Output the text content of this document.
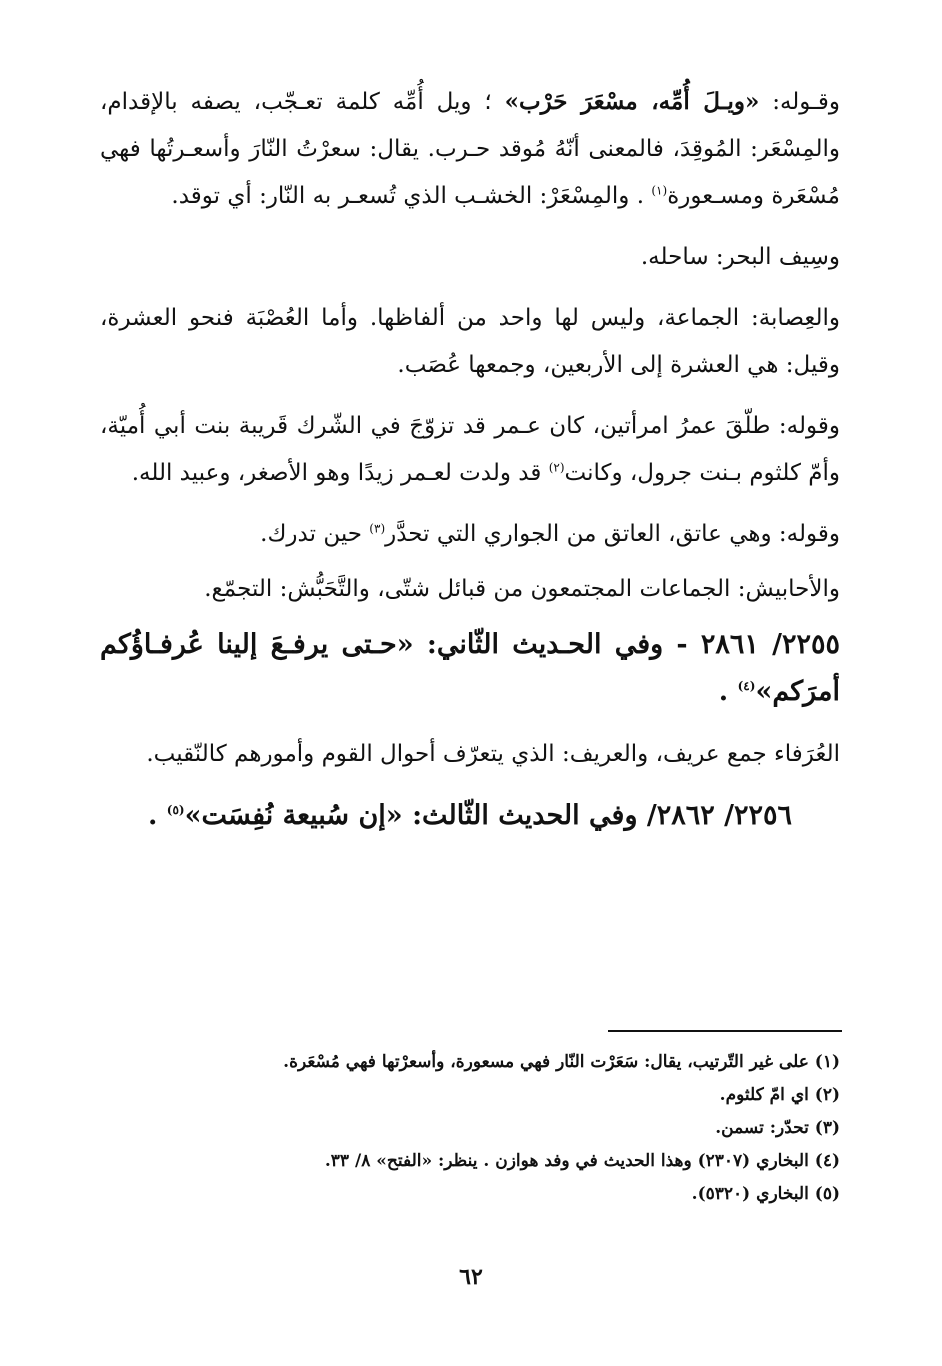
وقـوله: «ويـلَ أُمِّه، مسْعَرَ حَرْب» ؛ ويل أُمِّه كلمة تعـجّب، يصفه بالإقدام، والمِسْعَر: المُوقِدَ، فالمعنى أنّهُ مُوقد حـرب. يقال: سعرْتُ النّارَ وأسعـرتُها فهي مُسْعَرة ومسـعورة$^{(١)}$ . والمِسْعَرْ: الخشـب الذي تُسعـر به النّار: أي توقد.

وسِيف البحر: ساحله.

والعِصابة: الجماعة، وليس لها واحد من ألفاظها. وأما العُصْبَة فنحو العشرة، وقيل: هي العشرة إلى الأربعين، وجمعها عُصَب.

وقوله: طلّقَ عمرُ امرأتين، كان عـمر قد تزوّجَ في الشّرك قَريبة بنت أبي أُميّة، وأمّ كلثوم بـنت جرول، وكانت$^{(٢)}$ قد ولدت لعـمر زيدًا وهو الأصغر، وعبيد الله.

وقوله: وهي عاتق، العاتق من الجواري التي تحدَّر$^{(٣)}$ حين تدرك.

والأحابيش: الجماعات المجتمعون من قبائل شتّى، والتَّحَبُّش: التجمّع.

٢٢٥٥/ ٢٨٦١ - وفي الحـديث الثّاني: «حـتى يرفـعَ إلينا عُرفـاؤُكم أمرَكم»$^{(٤)}$ .

العُرَفاء جمع عريف، والعريف: الذي يتعرّف أحوال القوم وأمورهم كالنّقيب.

٢٢٥٦/ ٢٨٦٢/ وفي الحديث الثّالث: «إن سُبيعة نُفِسَت»$^{(٥)}$ .

(١) على غير التّرتيب، يقال: سَعَرْت النّار فهي مسعورة، وأسعرْتها فهي مُسْعَرة.
(٢) اي امّ كلثوم.
(٣) تحدّر: تسمن.
(٤) البخاري (٢٣٠٧) وهذا الحديث في وفد هوازن . ينظر: «الفتح» ٨/ ٣٣.
(٥) البخاري (٥٣٢٠).
٦٢
